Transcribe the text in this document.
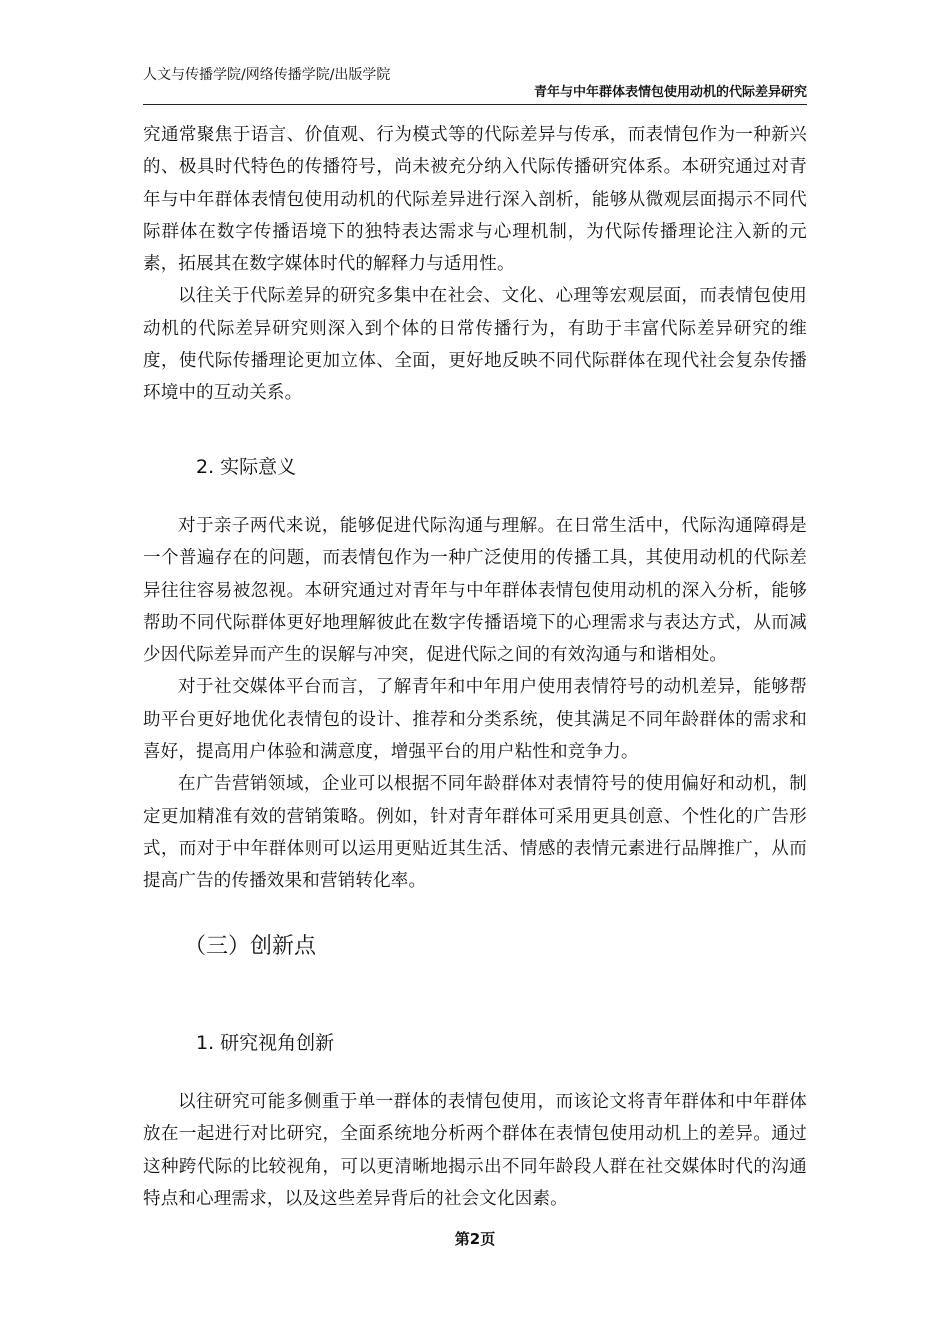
人文与传播学院/网络传播学院/出版学院
青年与中年群体表情包使用动机的代际差异研究

究通常聚焦于语言、价值观、行为模式等的代际差异与传承，而表情包作为一种新兴的、极具时代特色的传播符号，尚未被充分纳入代际传播研究体系。本研究通过对青年与中年群体表情包使用动机的代际差异进行深入剖析，能够从微观层面揭示不同代际群体在数字传播语境下的独特表达需求与心理机制，为代际传播理论注入新的元素，拓展其在数字媒体时代的解释力与适用性。

以往关于代际差异的研究多集中在社会、文化、心理等宏观层面，而表情包使用动机的代际差异研究则深入到个体的日常传播行为，有助于丰富代际差异研究的维度，使代际传播理论更加立体、全面，更好地反映不同代际群体在现代社会复杂传播环境中的互动关系。

2. 实际意义

对于亲子两代来说，能够促进代际沟通与理解。在日常生活中，代际沟通障碍是一个普遍存在的问题，而表情包作为一种广泛使用的传播工具，其使用动机的代际差异往往容易被忽视。本研究通过对青年与中年群体表情包使用动机的深入分析，能够帮助不同代际群体更好地理解彼此在数字传播语境下的心理需求与表达方式，从而减少因代际差异而产生的误解与冲突，促进代际之间的有效沟通与和谐相处。

对于社交媒体平台而言，了解青年和中年用户使用表情符号的动机差异，能够帮助平台更好地优化表情包的设计、推荐和分类系统，使其满足不同年龄群体的需求和喜好，提高用户体验和满意度，增强平台的用户粘性和竞争力。

在广告营销领域，企业可以根据不同年龄群体对表情符号的使用偏好和动机，制定更加精准有效的营销策略。例如，针对青年群体可采用更具创意、个性化的广告形式，而对于中年群体则可以运用更贴近其生活、情感的表情元素进行品牌推广，从而提高广告的传播效果和营销转化率。

（三）创新点
1. 研究视角创新

以往研究可能多侧重于单一群体的表情包使用，而该论文将青年群体和中年群体放在一起进行对比研究，全面系统地分析两个群体在表情包使用动机上的差异。通过这种跨代际的比较视角，可以更清晰地揭示出不同年龄段人群在社交媒体时代的沟通特点和心理需求，以及这些差异背后的社会文化因素。

第2页
